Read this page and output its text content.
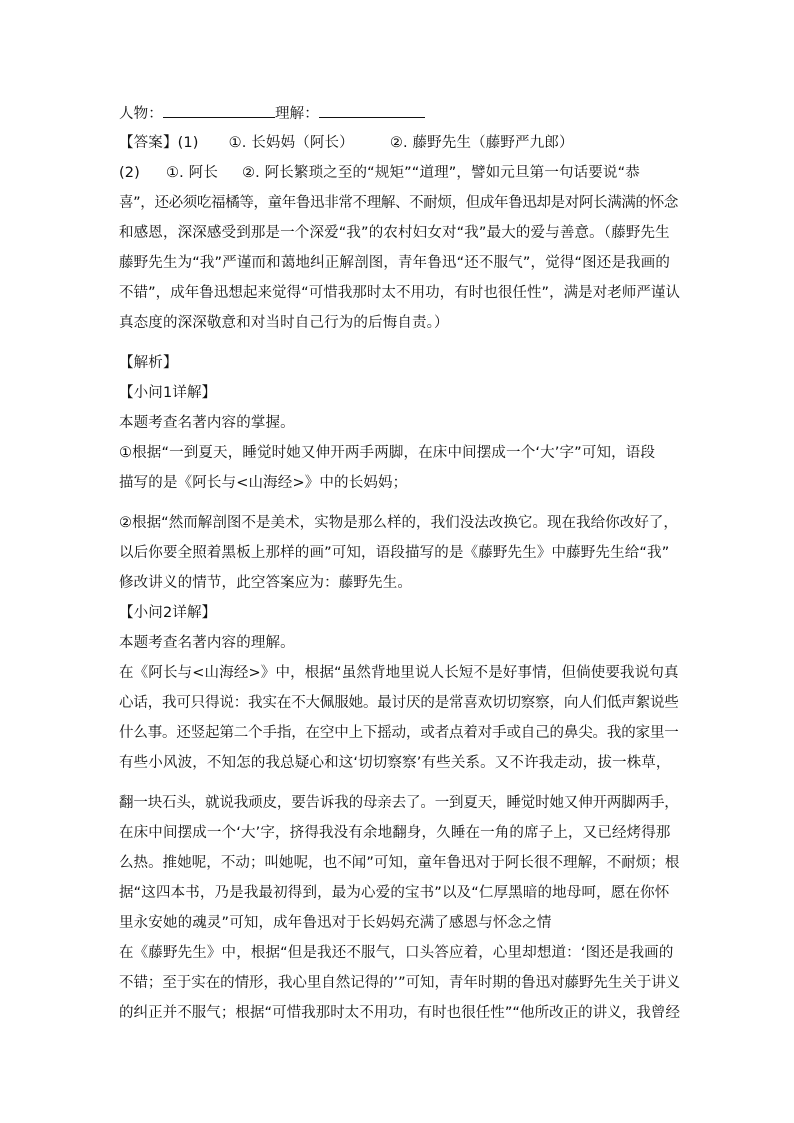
人物：	理解：
【答案】(1) ①. 长妈妈（阿长） ②. 藤野先生（藤野严九郎）
(2) ①. 阿长 ②. 阿长繁琐之至的“规矩”“道理”，譬如元旦第一句话要说“恭
喜”，还必须吃福橘等，童年鲁迅非常不理解、不耐烦，但成年鲁迅却是对阿长满满的怀念
和感恩，深深感受到那是一个深爱“我”的农村妇女对“我”最大的爱与善意。（藤野先生
藤野先生为“我”严谨而和蔼地纠正解剖图，青年鲁迅“还不服气”，觉得“图还是我画的
不错”，成年鲁迅想起来觉得“可惜我那时太不用功，有时也很任性”，满是对老师严谨认
真态度的深深敬意和对当时自己行为的后悔自责。）
【解析】
【小问1详解】
本题考查名著内容的掌握。
①根据“一到夏天，睡觉时她又伸开两手两脚，在床中间摆成一个‘大’字”可知，语段
描写的是《阿长与<山海经>》中的长妈妈；
②根据“然而解剖图不是美术，实物是那么样的，我们没法改换它。现在我给你改好了，
以后你要全照着黑板上那样的画”可知，语段描写的是《藤野先生》中藤野先生给“我”
修改讲义的情节，此空答案应为：藤野先生。
【小问2详解】
本题考查名著内容的理解。
在《阿长与<山海经>》中，根据“虽然背地里说人长短不是好事情，但倘使要我说句真
心话，我可只得说：我实在不大佩服她。最讨厌的是常喜欢切切察察，向人们低声絮说些
什么事。还竖起第二个手指，在空中上下摇动，或者点着对手或自己的鼻尖。我的家里一
有些小风波，不知怎的我总疑心和这‘切切察察’有些关系。又不许我走动，拔一株草，
翻一块石头，就说我顽皮，要告诉我的母亲去了。一到夏天，睡觉时她又伸开两脚两手，
在床中间摆成一个‘大’字，挤得我没有余地翻身，久睡在一角的席子上，又已经烤得那
么热。推她呢，不动；叫她呢，也不闻”可知，童年鲁迅对于阿长很不理解，不耐烦；根
据“这四本书，乃是我最初得到，最为心爱的宝书”以及“仁厚黑暗的地母呵，愿在你怀
里永安她的魂灵”可知，成年鲁迅对于长妈妈充满了感恩与怀念之情
在《藤野先生》中，根据“但是我还不服气，口头答应着，心里却想道：‘图还是我画的
不错；至于实在的情形，我心里自然记得的’”可知，青年时期的鲁迅对藤野先生关于讲义
的纠正并不服气；根据“可惜我那时太不用功，有时也很任性”“他所改正的讲义，我曾经
